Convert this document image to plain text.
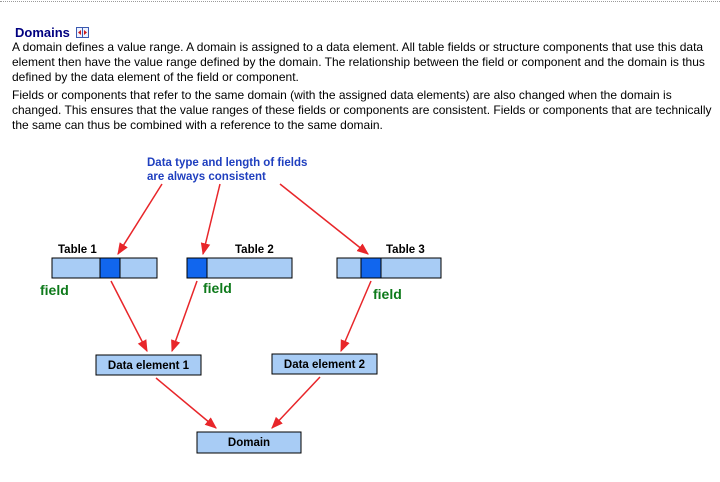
Domains

A domain defines a value range. A domain is assigned to a data element. All table fields or structure components that use this data element then have the value range defined by the domain. The relationship between the field or component and the domain is thus defined by the data element of the field or component.

Fields or components that refer to the same domain (with the assigned data elements) are also changed when the domain is changed. This ensures that the value ranges of these fields or components are consistent. Fields or components that are technically the same can thus be combined with a reference to the same domain.

Data type and length of fields
are always consistent
Table 1	Table 2	Table 3
field	field	field
Data element 1	Data element 2
Domain
